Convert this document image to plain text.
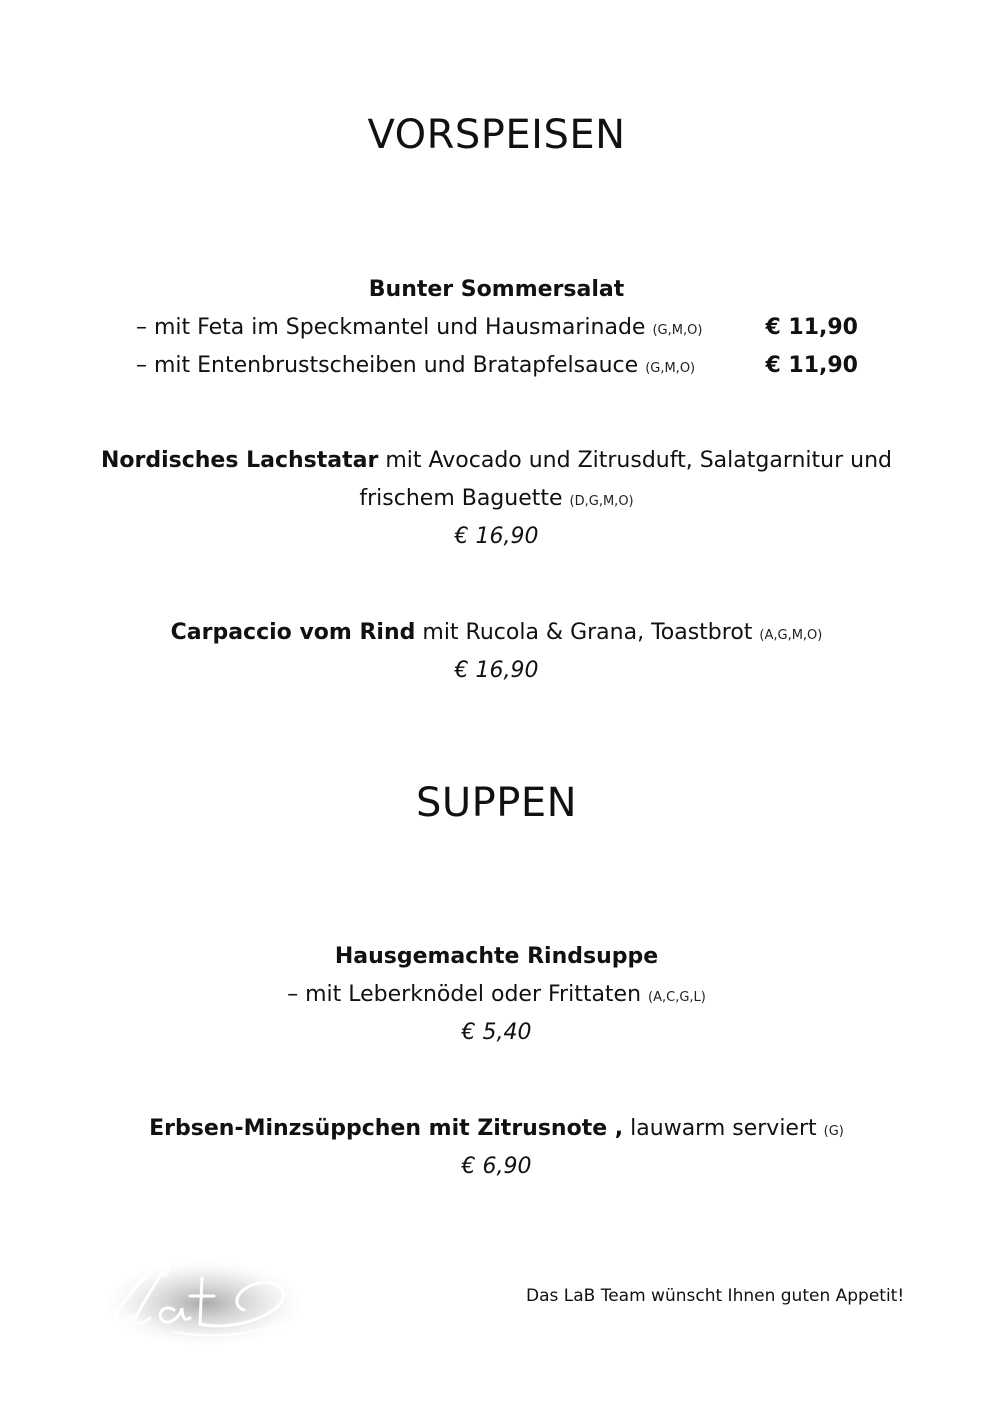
VORSPEISEN
Bunter Sommersalat
– mit Feta im Speckmantel und Hausmarinade (G,M,O)	€ 11,90
– mit Entenbrustscheiben und Bratapfelsauce (G,M,O)	€ 11,90
Nordisches Lachstatar mit Avocado und Zitrusduft, Salatgarnitur und
frischem Baguette (D,G,M,O)
€ 16,90
Carpaccio vom Rind mit Rucola & Grana, Toastbrot (A,G,M,O)
€ 16,90
SUPPEN
Hausgemachte Rindsuppe
– mit Leberknödel oder Frittaten (A,C,G,L)
€ 5,40
Erbsen-Minzsüppchen mit Zitrusnote , lauwarm serviert (G)
€ 6,90
Das LaB Team wünscht Ihnen guten Appetit!
